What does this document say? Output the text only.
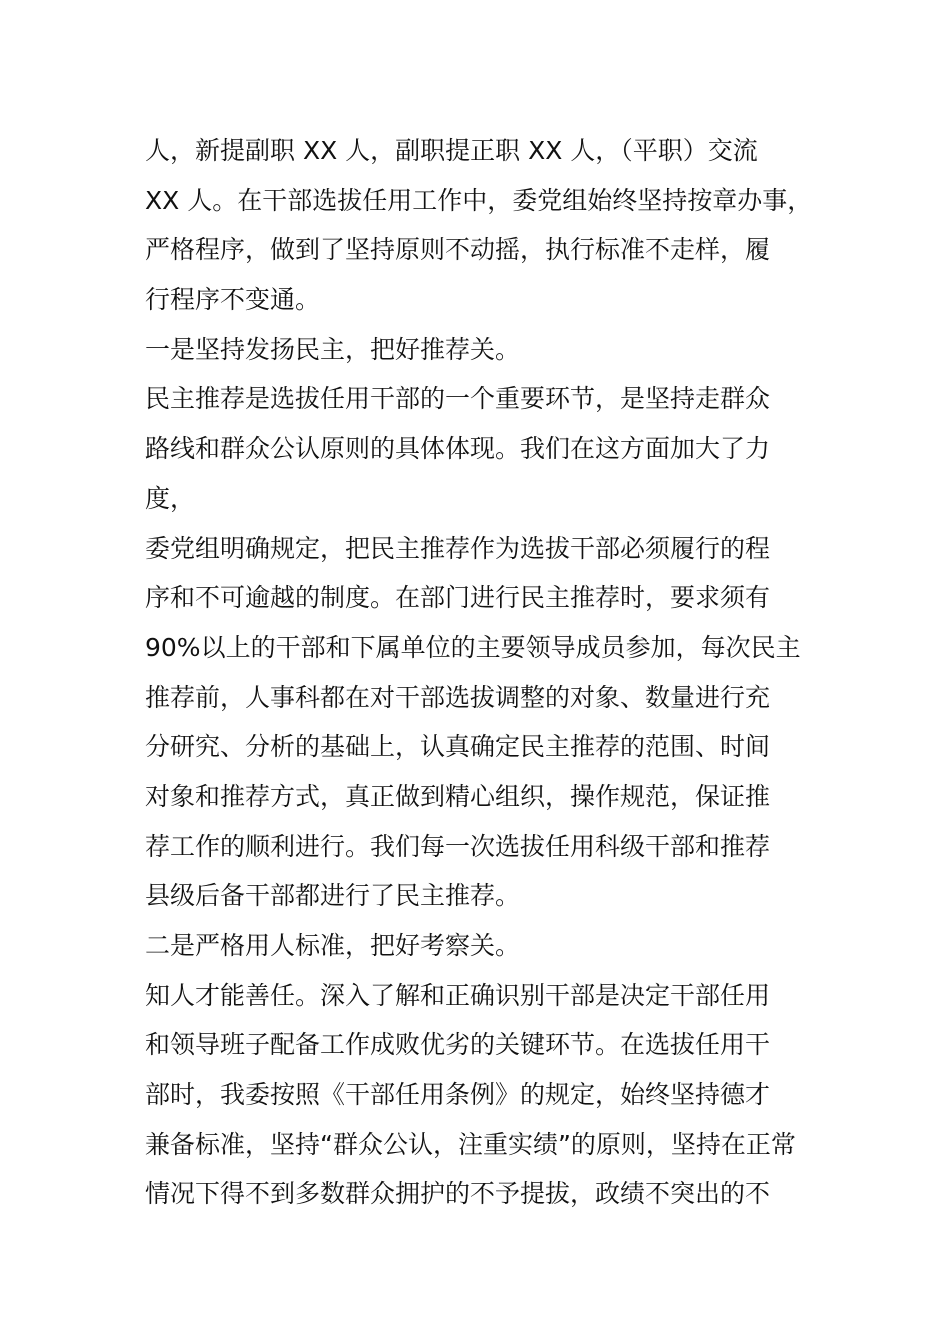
人，新提副职 XX 人，副职提正职 XX 人，（平职）交流
XX 人。在干部选拔任用工作中，委党组始终坚持按章办事，
严格程序，做到了坚持原则不动摇，执行标准不走样，履
行程序不变通。
一是坚持发扬民主，把好推荐关。
民主推荐是选拔任用干部的一个重要环节，是坚持走群众
路线和群众公认原则的具体体现。我们在这方面加大了力
度，
委党组明确规定，把民主推荐作为选拔干部必须履行的程
序和不可逾越的制度。在部门进行民主推荐时，要求须有
90%以上的干部和下属单位的主要领导成员参加，每次民主
推荐前，人事科都在对干部选拔调整的对象、数量进行充
分研究、分析的基础上，认真确定民主推荐的范围、时间
对象和推荐方式，真正做到精心组织，操作规范，保证推
荐工作的顺利进行。我们每一次选拔任用科级干部和推荐
县级后备干部都进行了民主推荐。
二是严格用人标准，把好考察关。
知人才能善任。深入了解和正确识别干部是决定干部任用
和领导班子配备工作成败优劣的关键环节。在选拔任用干
部时，我委按照《干部任用条例》的规定，始终坚持德才
兼备标准，坚持“群众公认，注重实绩”的原则，坚持在正常
情况下得不到多数群众拥护的不予提拔，政绩不突出的不
